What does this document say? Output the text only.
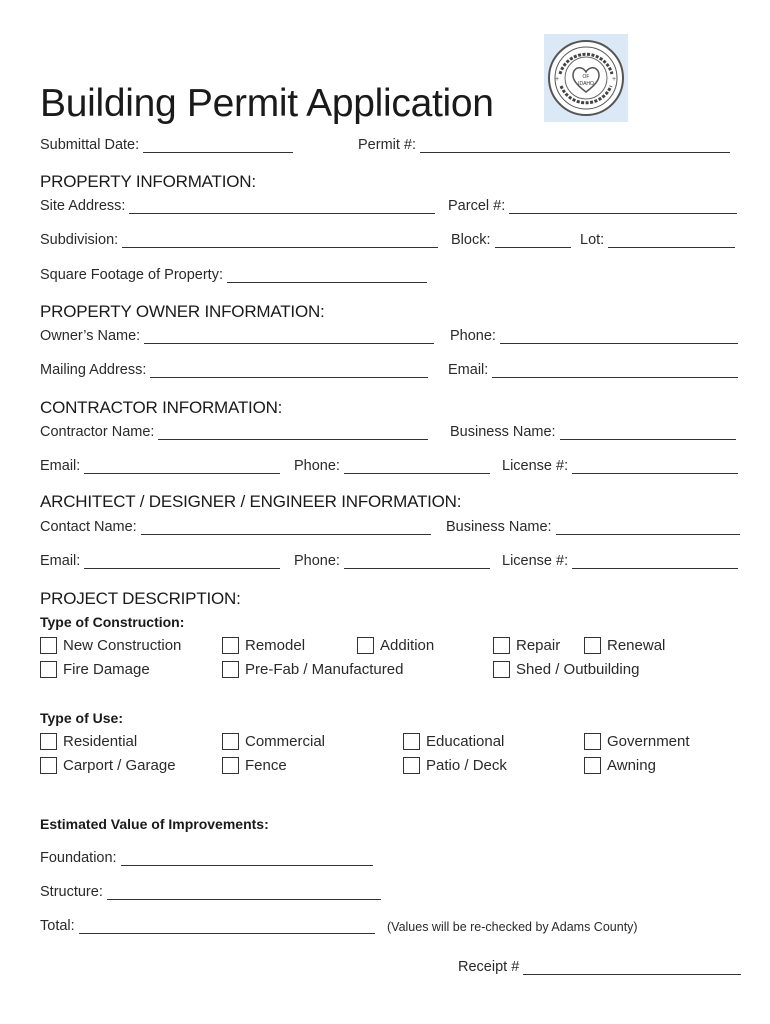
Building Permit Application
OF
IDAHO
+	+
Submittal Date:	Permit #:
PROPERTY INFORMATION:
Site Address:	Parcel #:
Subdivision:	Block:	Lot:
Square Footage of Property:
PROPERTY OWNER INFORMATION:
Owner’s Name:	Phone:
Mailing Address:	Email:
CONTRACTOR INFORMATION:
Contractor Name:	Business Name:
Email:	Phone:	License #:
ARCHITECT / DESIGNER / ENGINEER INFORMATION:
Contact Name:	Business Name:
Email:	Phone:	License #:
PROJECT DESCRIPTION:
Type of Construction:
New Construction	Remodel	Addition	Repair	Renewal
Fire Damage	Pre-Fab / Manufactured	Shed / Outbuilding
Type of Use:
Residential	Commercial	Educational	Government
Carport / Garage	Fence	Patio / Deck	Awning
Estimated Value of Improvements:
Foundation:
Structure:
Total:	(Values will be re-checked by Adams County)
Receipt #
